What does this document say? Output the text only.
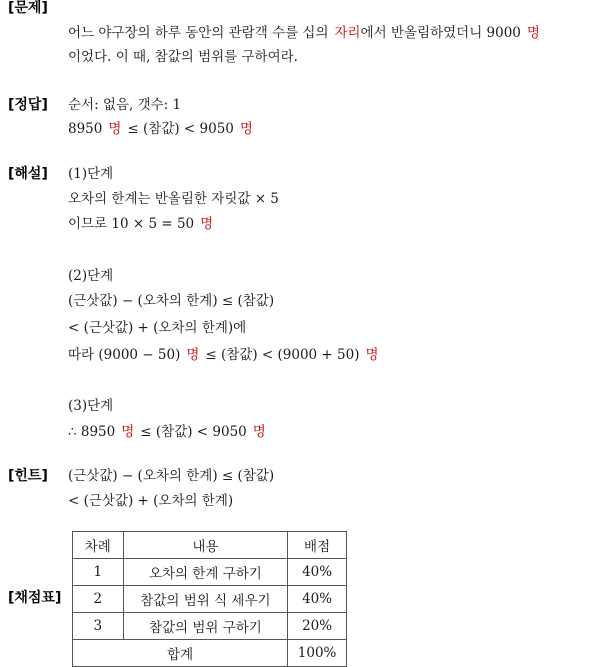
[문제]
어느 야구장의 하루 동안의 관람객 수를 십의 자리에서 반올림하였더니 9000 명
이었다. 이 때, 참값의 범위를 구하여라.
[정답] 순서: 없음, 갯수: 1
8950 명 ≤ (참값) < 9050 명
[해설] (1)단계
오차의 한계는 반올림한 자릿값 × 5
이므로 10 × 5 = 50 명
(2)단계
(근삿값) − (오차의 한계) ≤ (참값)
< (근삿값) + (오차의 한계)에
따라 (9000 − 50) 명 ≤ (참값) < (9000 + 50) 명
(3)단계
∴ 8950 명 ≤ (참값) < 9050 명
[힌트] (근삿값) − (오차의 한계) ≤ (참값)
< (근삿값) + (오차의 한계)
[채점표]
차례	내용	배점
1	오차의 한계 구하기	40%
2	참값의 범위 식 세우기	40%
3	참값의 범위 구하기	20%
합계		100%
